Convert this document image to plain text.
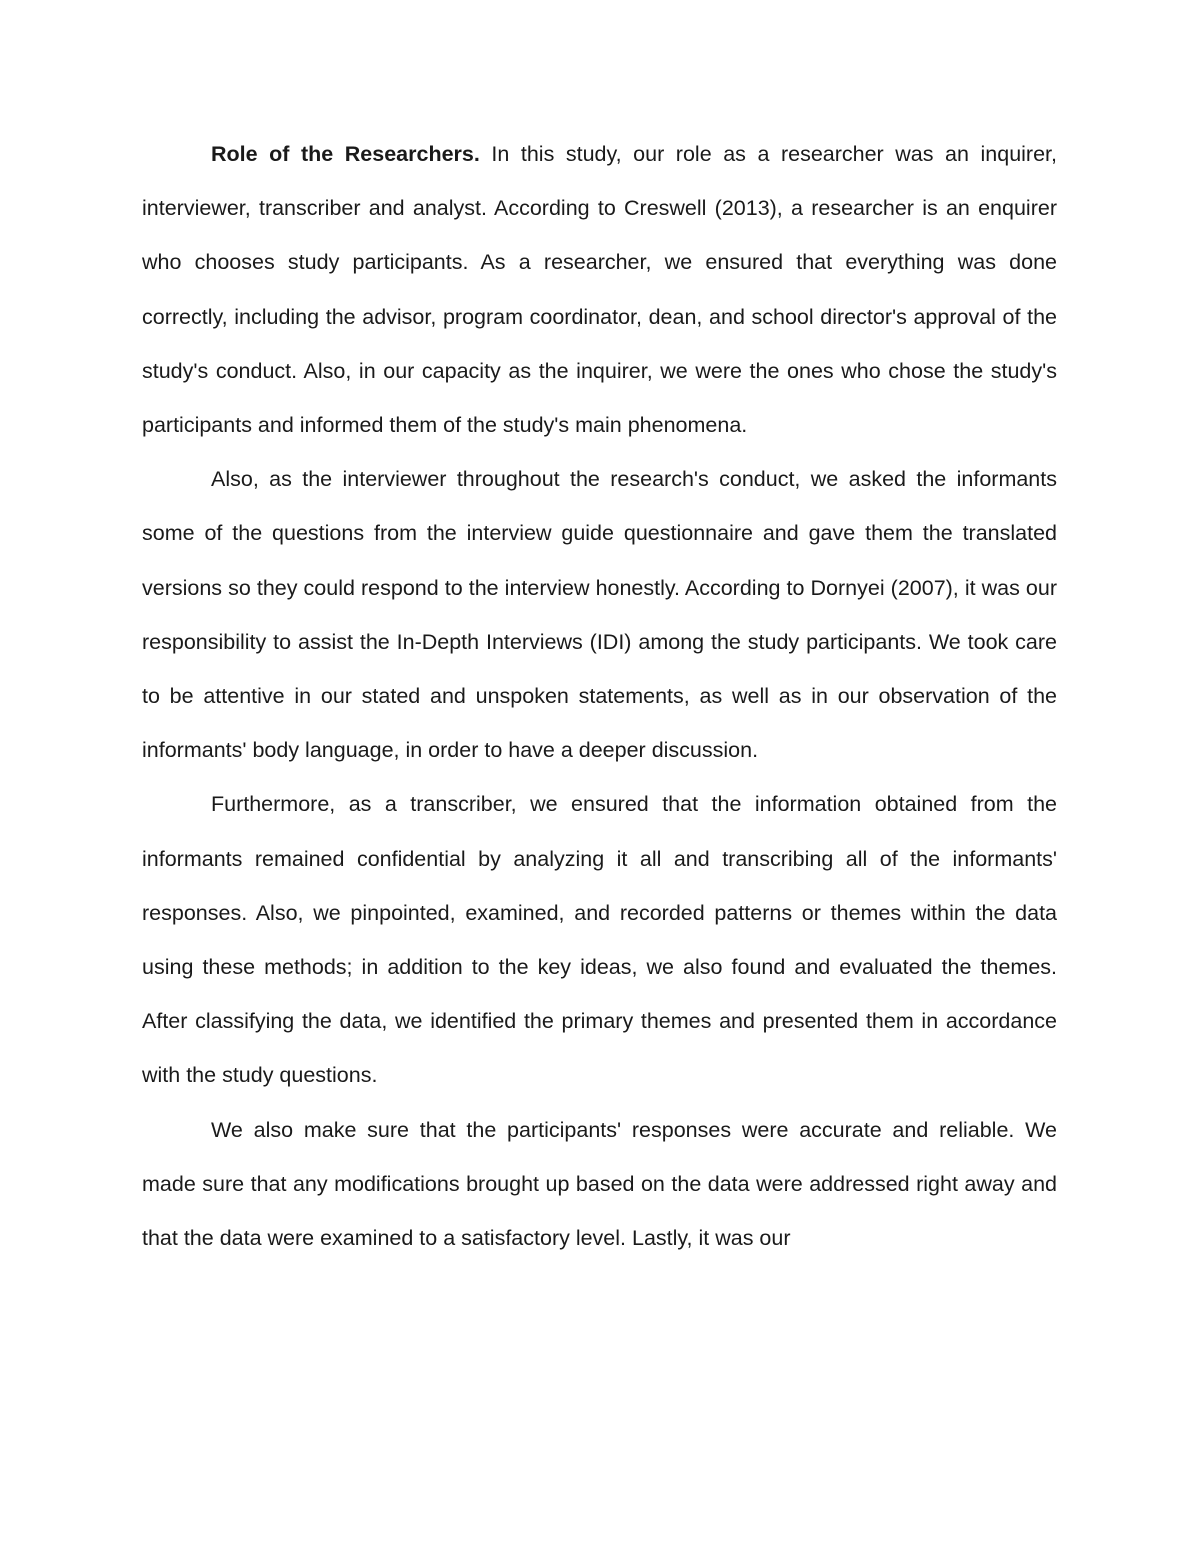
Role of the Researchers. In this study, our role as a researcher was an inquirer, interviewer, transcriber and analyst. According to Creswell (2013), a researcher is an enquirer who chooses study participants. As a researcher, we ensured that everything was done correctly, including the advisor, program coordinator, dean, and school director's approval of the study's conduct. Also, in our capacity as the inquirer, we were the ones who chose the study's participants and informed them of the study's main phenomena.

Also, as the interviewer throughout the research's conduct, we asked the informants some of the questions from the interview guide questionnaire and gave them the translated versions so they could respond to the interview honestly. According to Dornyei (2007), it was our responsibility to assist the In-Depth Interviews (IDI) among the study participants. We took care to be attentive in our stated and unspoken statements, as well as in our observation of the informants' body language, in order to have a deeper discussion.

Furthermore, as a transcriber, we ensured that the information obtained from the informants remained confidential by analyzing it all and transcribing all of the informants' responses. Also, we pinpointed, examined, and recorded patterns or themes within the data using these methods; in addition to the key ideas, we also found and evaluated the themes. After classifying the data, we identified the primary themes and presented them in accordance with the study questions.

We also make sure that the participants' responses were accurate and reliable. We made sure that any modifications brought up based on the data were addressed right away and that the data were examined to a satisfactory level. Lastly, it was our
